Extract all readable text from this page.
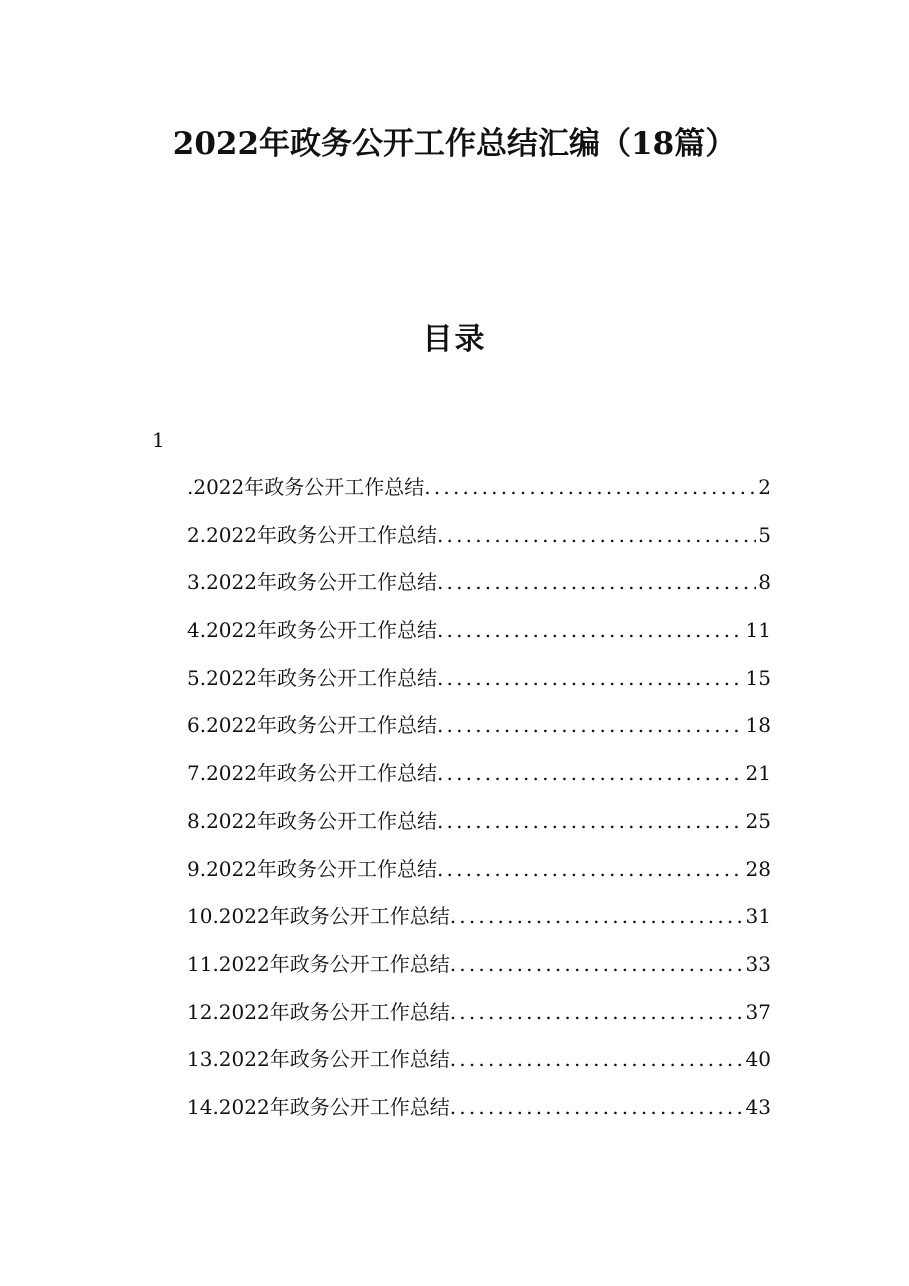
2022年政务公开工作总结汇编（18篇）
目录
1
.2022年政务公开工作总结 .....	2
2.2022年政务公开工作总结 .....	5
3.2022年政务公开工作总结 .....	8
4.2022年政务公开工作总结 .....	11
5.2022年政务公开工作总结 .....	15
6.2022年政务公开工作总结 .....	18
7.2022年政务公开工作总结 .....	21
8.2022年政务公开工作总结 .....	25
9.2022年政务公开工作总结 .....	28
10.2022年政务公开工作总结 .....	31
11.2022年政务公开工作总结 .....	33
12.2022年政务公开工作总结 .....	37
13.2022年政务公开工作总结 .....	40
14.2022年政务公开工作总结 .....	43
